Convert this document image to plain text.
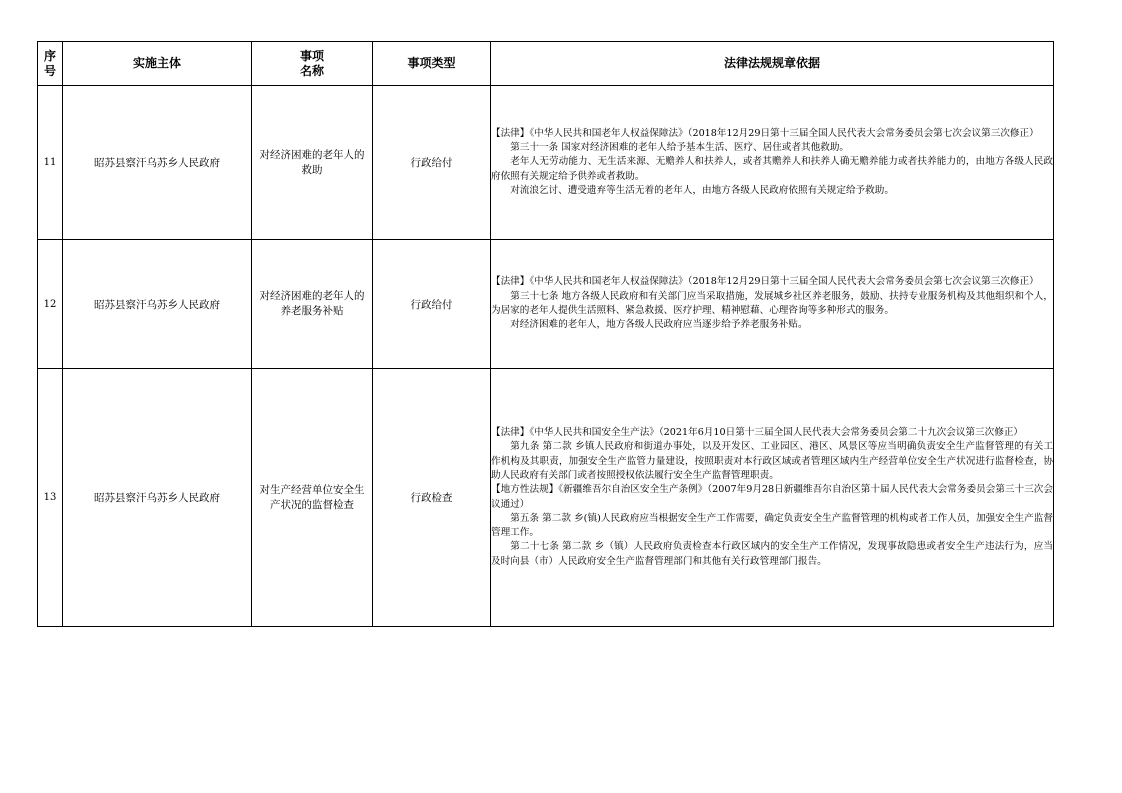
序号	实施主体	事项名称	事项类型	法律法规规章依据
11	昭苏县察汗乌苏乡人民政府	对经济困难的老年人的救助	行政给付	【法律】《中华人民共和国老年人权益保障法》（2018年12月29日第十三届全国人民代表大会常务委员会第七次会议第三次修正）
第三十一条 国家对经济困难的老年人给予基本生活、医疗、居住或者其他救助。
老年人无劳动能力、无生活来源、无赡养人和扶养人，或者其赡养人和扶养人确无赡养能力或者扶养能力的，由地方各级人民政府依照有关规定给予供养或者救助。
对流浪乞讨、遭受遗弃等生活无着的老年人，由地方各级人民政府依照有关规定给予救助。

12	昭苏县察汗乌苏乡人民政府	对经济困难的老年人的养老服务补贴	行政给付	【法律】《中华人民共和国老年人权益保障法》（2018年12月29日第十三届全国人民代表大会常务委员会第七次会议第三次修正）
第三十七条 地方各级人民政府和有关部门应当采取措施，发展城乡社区养老服务，鼓励、扶持专业服务机构及其他组织和个人，为居家的老年人提供生活照料、紧急救援、医疗护理、精神慰藉、心理咨询等多种形式的服务。
对经济困难的老年人，地方各级人民政府应当逐步给予养老服务补贴。

13	昭苏县察汗乌苏乡人民政府	对生产经营单位安全生产状况的监督检查	行政检查	【法律】《中华人民共和国安全生产法》（2021年6月10日第十三届全国人民代表大会常务委员会第二十九次会议第三次修正）
第九条 第二款 乡镇人民政府和街道办事处，以及开发区、工业园区、港区、风景区等应当明确负责安全生产监督管理的有关工作机构及其职责，加强安全生产监管力量建设，按照职责对本行政区域或者管理区域内生产经营单位安全生产状况进行监督检查，协助人民政府有关部门或者按照授权依法履行安全生产监督管理职责。
【地方性法规】《新疆维吾尔自治区安全生产条例》（2007年9月28日新疆维吾尔自治区第十届人民代表大会常务委员会第三十三次会议通过）
第五条 第二款 乡(镇)人民政府应当根据安全生产工作需要，确定负责安全生产监督管理的机构或者工作人员，加强安全生产监督管理工作。
第二十七条 第二款 乡（镇）人民政府负责检查本行政区域内的安全生产工作情况，发现事故隐患或者安全生产违法行为，应当及时向县（市）人民政府安全生产监督管理部门和其他有关行政管理部门报告。
